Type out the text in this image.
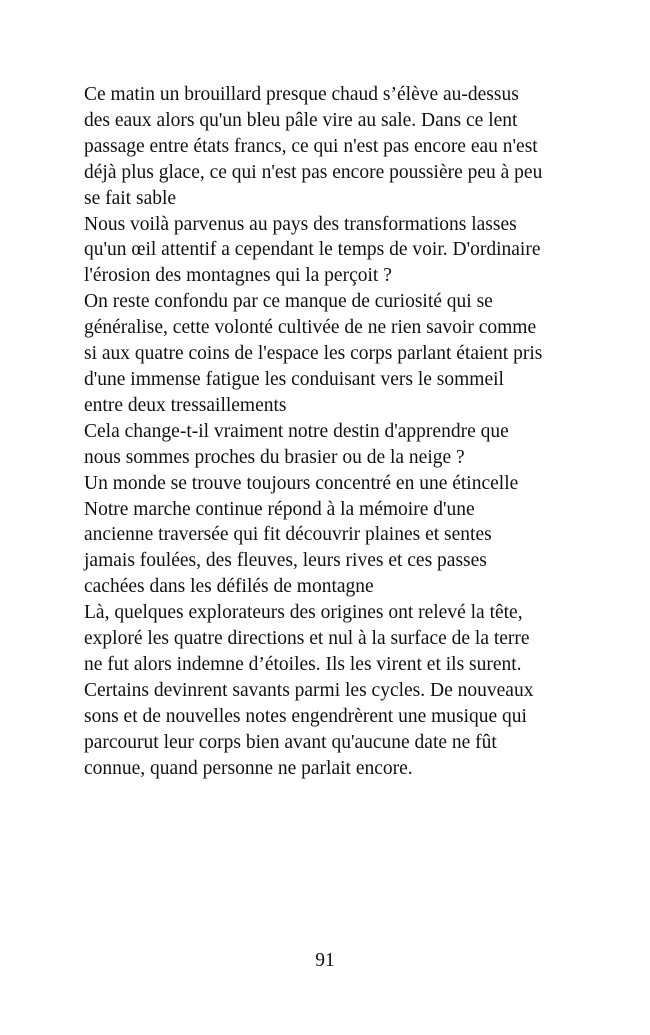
Ce matin un brouillard presque chaud s’élève au-dessus
des eaux alors qu'un bleu pâle vire au sale. Dans ce lent
passage entre états francs, ce qui n'est pas encore eau n'est
déjà plus glace, ce qui n'est pas encore poussière peu à peu
se fait sable
Nous voilà parvenus au pays des transformations lasses
qu'un œil attentif a cependant le temps de voir. D'ordinaire
l'érosion des montagnes qui la perçoit ?
On reste confondu par ce manque de curiosité qui se
généralise, cette volonté cultivée de ne rien savoir comme
si aux quatre coins de l'espace les corps parlant étaient pris
d'une immense fatigue les conduisant vers le sommeil
entre deux tressaillements
Cela change-t-il vraiment notre destin d'apprendre que
nous sommes proches du brasier ou de la neige ?
Un monde se trouve toujours concentré en une étincelle
Notre marche continue répond à la mémoire d'une
ancienne traversée qui fit découvrir plaines et sentes
jamais foulées, des fleuves, leurs rives et ces passes
cachées dans les défilés de montagne
Là, quelques explorateurs des origines ont relevé la tête,
exploré les quatre directions et nul à la surface de la terre
ne fut alors indemne d’étoiles. Ils les virent et ils surent.
Certains devinrent savants parmi les cycles. De nouveaux
sons et de nouvelles notes engendrèrent une musique qui
parcourut leur corps bien avant qu'aucune date ne fût
connue, quand personne ne parlait encore.
91
